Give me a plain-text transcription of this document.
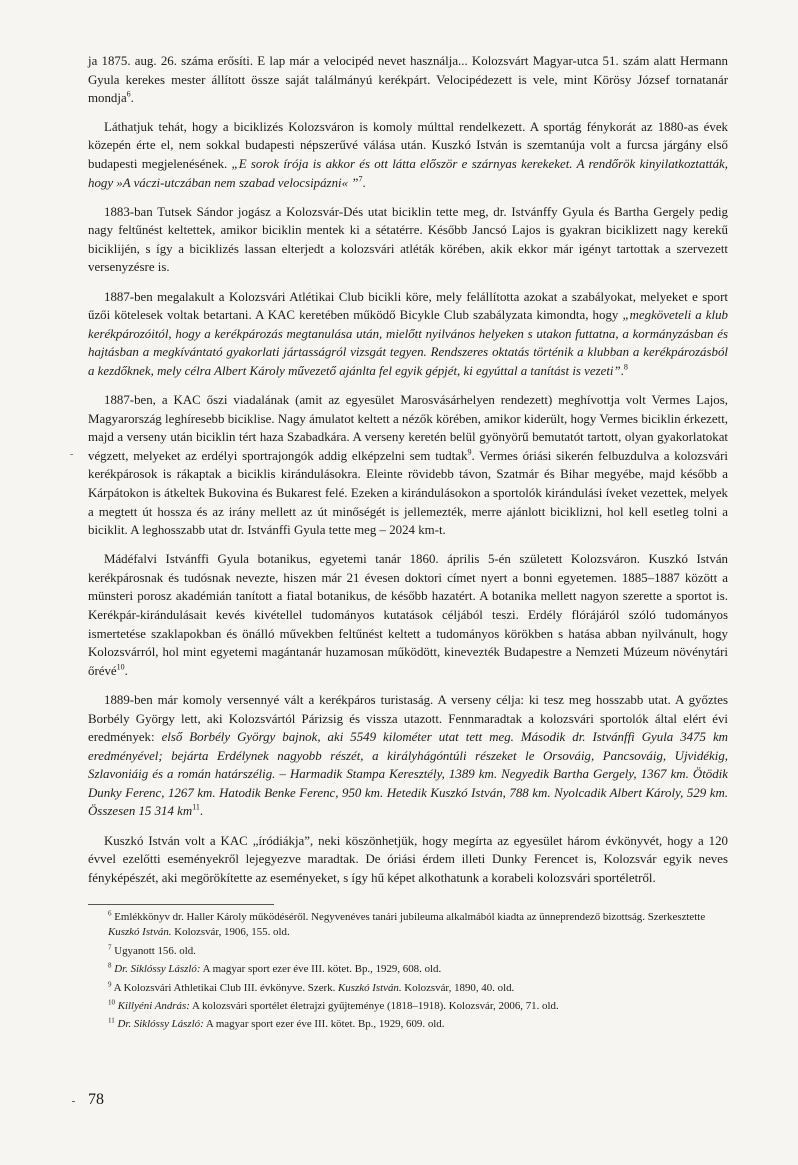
ja 1875. aug. 26. száma erősíti. E lap már a velocipéd nevet használja... Kolozsvárt Magyar-utca 51. szám alatt Hermann Gyula kerekes mester állított össze saját találmányú kerékpárt. Velocipédezett is vele, mint Körösy József tornatanár mondja$^6$.

Láthatjuk tehát, hogy a biciklizés Kolozsváron is komoly múlttal rendelkezett. A sportág fénykorát az 1880-as évek közepén érte el, nem sokkal budapesti népszerűvé válása után. Kuszkó István is szemtanúja volt a furcsa járgány első budapesti megjelenésének. „E sorok írója is akkor és ott látta először e szárnyas kerekeket. A rendőrök kinyilatkoztatták, hogy »A váczi-utczában nem szabad velocsipázni« ”$^7$.

1883-ban Tutsek Sándor jogász a Kolozsvár-Dés utat biciklin tette meg, dr. Istvánffy Gyula és Bartha Gergely pedig nagy feltűnést keltettek, amikor biciklin mentek ki a sétatérre. Később Jancsó Lajos is gyakran biciklizett nagy kerekű biciklijén, s így a biciklizés lassan elterjedt a kolozsvári atléták körében, akik ekkor már igényt tartottak a szervezett versenyzésre is.

1887-ben megalakult a Kolozsvári Atlétikai Club bicikli köre, mely felállította azokat a szabályokat, melyeket e sport űzői kötelesek voltak betartani. A KAC keretében működő Bicykle Club szabályzata kimondta, hogy „megköveteli a klub kerékpározóitól, hogy a kerékpározás megtanulása után, mielőtt nyilvános helyeken s utakon futtatna, a kormányzásban és hajtásban a megkívántató gyakorlati jártasságról vizsgát tegyen. Rendszeres oktatás történik a klubban a kerékpározásból a kezdőknek, mely célra Albert Károly művezető ajánlta fel egyik gépjét, ki egyúttal a tanítást is vezeti”.$^8$

1887-ben, a KAC őszi viadalának (amit az egyesület Marosvásárhelyen rendezett) meghívottja volt Vermes Lajos, Magyarország leghíresebb biciklise. Nagy ámulatot keltett a nézők körében, amikor kiderült, hogy Vermes biciklin érkezett, majd a verseny után biciklin tért haza Szabadkára. A verseny keretén belül gyönyörű bemutatót tartott, olyan gyakorlatokat végzett, melyeket az erdélyi sportrajongók addig elképzelni sem tudtak$^9$. Vermes óriási sikerén felbuzdulva a kolozsvári kerékpárosok is rákaptak a biciklis kirándulásokra. Eleinte rövidebb távon, Szatmár és Bihar megyébe, majd később a Kárpátokon is átkeltek Bukovina és Bukarest felé. Ezeken a kirándulásokon a sportolók kirándulási íveket vezettek, melyek a megtett út hossza és az irány mellett az út minőségét is jellemezték, merre ajánlott biciklizni, hol kell esetleg tolni a biciklit. A leghosszabb utat dr. Istvánffi Gyula tette meg – 2024 km-t.

Mádéfalvi Istvánffi Gyula botanikus, egyetemi tanár 1860. április 5-én született Kolozsváron. Kuszkó István kerékpárosnak és tudósnak nevezte, hiszen már 21 évesen doktori címet nyert a bonni egyetemen. 1885–1887 között a münsteri porosz akadémián tanított a fiatal botanikus, de később hazatért. A botanika mellett nagyon szerette a sportot is. Kerékpár-kirándulásait kevés kivétellel tudományos kutatások céljából teszi. Erdély flórájáról szóló tudományos ismertetése szaklapokban és önálló művekben feltűnést keltett a tudományos körökben s hatása abban nyilvánult, hogy Kolozsvárról, hol mint egyetemi magántanár huzamosan működött, kinevezték Budapestre a Nemzeti Múzeum növénytári őrévé$^{10}$.

1889-ben már komoly versennyé vált a kerékpáros turistaság. A verseny célja: ki tesz meg hosszabb utat. A győztes Borbély György lett, aki Kolozsvártól Párizsig és vissza utazott. Fennmaradtak a kolozsvári sportolók által elért évi eredmények: első Borbély György bajnok, aki 5549 kilométer utat tett meg. Második dr. Istvánffi Gyula 3475 km eredményével; bejárta Erdélynek nagyobb részét, a királyhágóntúli részeket le Orsováig, Pancsováig, Ujvidékig, Szlavoniáig és a román határszélig. – Harmadik Stampa Keresztély, 1389 km. Negyedik Bartha Gergely, 1367 km. Ötödik Dunky Ferenc, 1267 km. Hatodik Benke Ferenc, 950 km. Hetedik Kuszkó István, 788 km. Nyolcadik Albert Károly, 529 km. Összesen 15 314 $km^{11}$.

Kuszkó István volt a KAC „íródiákja”, neki köszönhetjük, hogy megírta az egyesület három évkönyvét, hogy a 120 évvel ezelőtti eseményekről lejegyezve maradtak. De óriási érdem illeti Dunky Ferencet is, Kolozsvár egyik neves fényképészét, aki megörökítette az eseményeket, s így hű képet alkothatunk a korabeli kolozsvári sportéletről.

$^6$ Emlékkönyv dr. Haller Károly működéséről. Negyvenéves tanári jubileuma alkalmából kiadta az ünneprendező bizottság. Szerkesztette Kuszkó István. Kolozsvár, 1906, 155. old.

$^7$ Ugyanott 156. old.

$^8$ Dr. Siklóssy László: A magyar sport ezer éve III. kötet. Bp., 1929, 608. old.

$^9$ A Kolozsvári Athletikai Club III. évkönyve. Szerk. Kuszkó István. Kolozsvár, 1890, 40. old.

$^{10}$ Killyéni András: A kolozsvári sportélet életrajzi gyűjteménye (1818–1918). Kolozsvár, 2006, 71. old.

$^{11}$ Dr. Siklóssy László: A magyar sport ezer éve III. kötet. Bp., 1929, 609. old.

78
